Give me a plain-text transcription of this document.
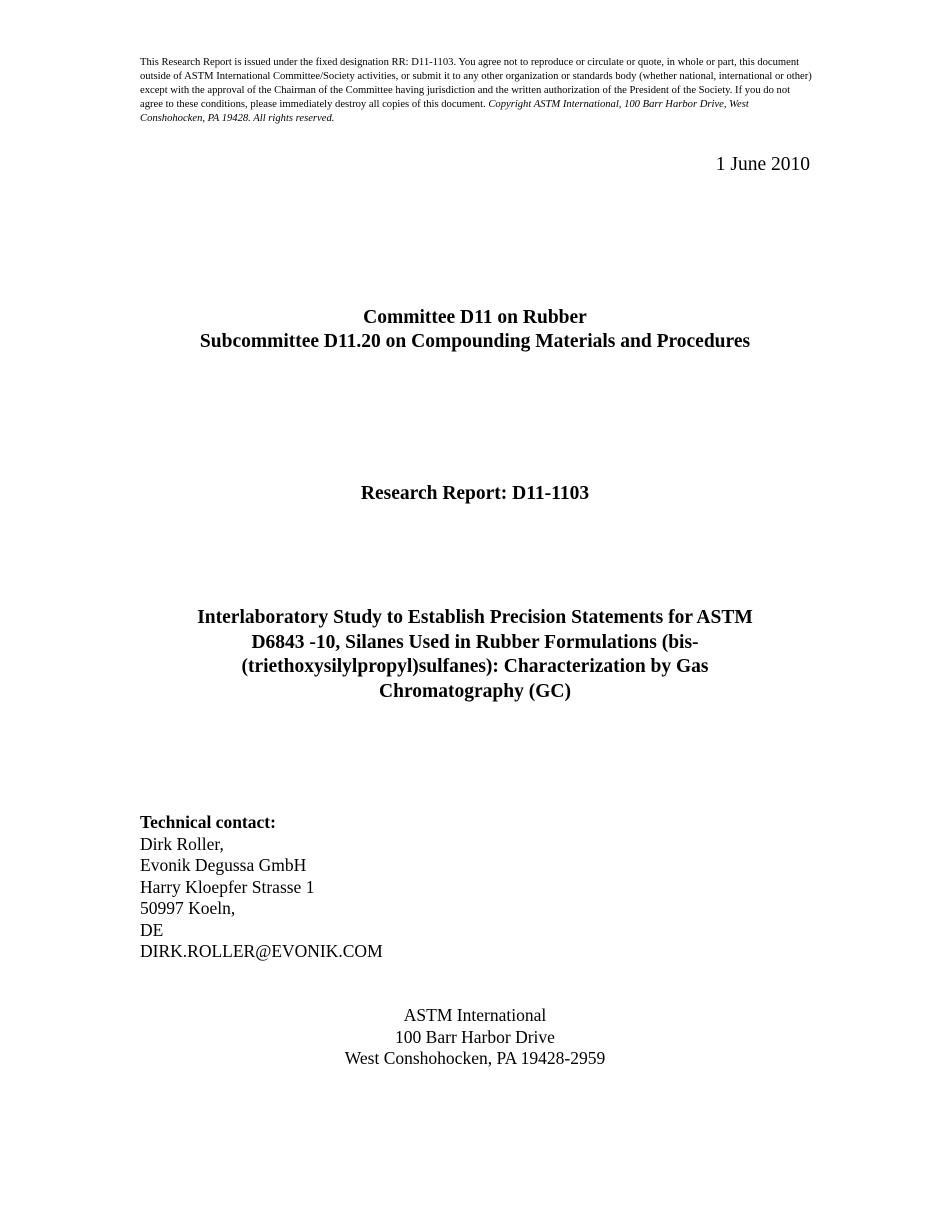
This Research Report is issued under the fixed designation RR: D11-1103. You agree not to reproduce or circulate or quote, in whole or part, this document outside of ASTM International Committee/Society activities, or submit it to any other organization or standards body (whether national, international or other) except with the approval of the Chairman of the Committee having jurisdiction and the written authorization of the President of the Society. If you do not agree to these conditions, please immediately destroy all copies of this document. Copyright ASTM International, 100 Barr Harbor Drive, West Conshohocken, PA 19428. All rights reserved.
1 June 2010
Committee D11 on Rubber
Subcommittee D11.20 on Compounding Materials and Procedures
Research Report: D11-1103
Interlaboratory Study to Establish Precision Statements for ASTM
D6843 -10, Silanes Used in Rubber Formulations (bis-
(triethoxysilylpropyl)sulfanes): Characterization by Gas
Chromatography (GC)
Technical contact:
Dirk Roller,
Evonik Degussa GmbH
Harry Kloepfer Strasse 1
50997 Koeln,
DE
DIRK.ROLLER@EVONIK.COM
ASTM International
100 Barr Harbor Drive
West Conshohocken, PA 19428-2959
